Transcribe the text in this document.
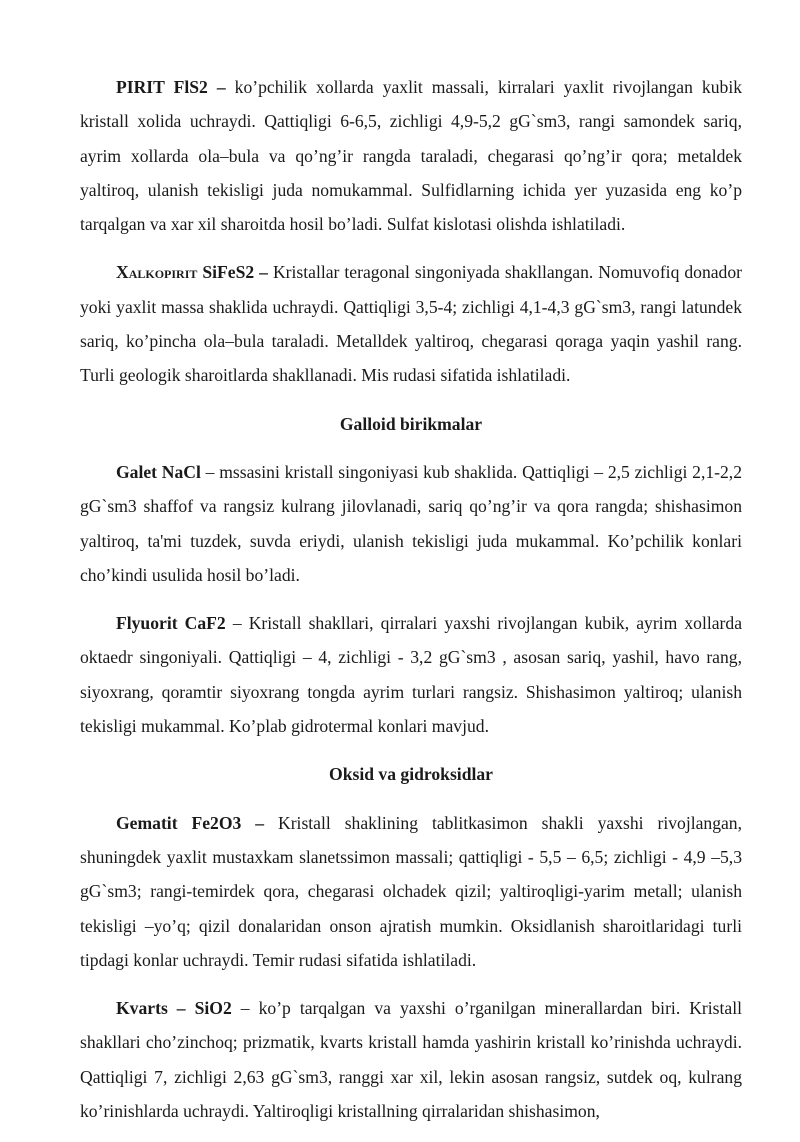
PIRIT FlS2 – ko’pchilik xollarda yaxlit massali, kirralari yaxlit rivojlangan kubik kristall xolida uchraydi. Qattiqligi 6-6,5, zichligi 4,9-5,2 gG`sm3, rangi samondek sariq, ayrim xollarda ola–bula va qo’ng’ir rangda taraladi, chegarasi qo’ng’ir qora; metaldek yaltiroq, ulanish tekisligi juda nomukammal. Sulfidlarning ichida yer yuzasida eng ko’p tarqalgan va xar xil sharoitda hosil bo’ladi. Sulfat kislotasi olishda ishlatiladi.

Xalkopirit SiFeS2 – Kristallar teragonal singoniyada shakllangan. Nomuvofiq donador yoki yaxlit massa shaklida uchraydi. Qattiqligi 3,5-4; zichligi 4,1-4,3 gG`sm3, rangi latundek sariq, ko’pincha ola–bula taraladi. Metalldek yaltiroq, chegarasi qoraga yaqin yashil rang. Turli geologik sharoitlarda shakllanadi. Mis rudasi sifatida ishlatiladi.

Galloid birikmalar

Galet NaCl – mssasini kristall singoniyasi kub shaklida. Qattiqligi – 2,5 zichligi 2,1-2,2 gG`sm3 shaffof va rangsiz kulrang jilovlanadi, sariq qo’ng’ir va qora rangda; shishasimon yaltiroq, ta'mi tuzdek, suvda eriydi, ulanish tekisligi juda mukammal. Ko’pchilik konlari cho’kindi usulida hosil bo’ladi.

Flyuorit CaF2 – Kristall shakllari, qirralari yaxshi rivojlangan kubik, ayrim xollarda oktaedr singoniyali. Qattiqligi – 4, zichligi - 3,2 gG`sm3 , asosan sariq, yashil, havo rang, siyoxrang, qoramtir siyoxrang tongda ayrim turlari rangsiz. Shishasimon yaltiroq; ulanish tekisligi mukammal. Ko’plab gidrotermal konlari mavjud.

Oksid va gidroksidlar

Gematit Fe2O3 – Kristall shaklining tablitkasimon shakli yaxshi rivojlangan, shuningdek yaxlit mustaxkam slanetssimon massali; qattiqligi - 5,5 – 6,5; zichligi - 4,9 –5,3 gG`sm3; rangi-temirdek qora, chegarasi olchadek qizil; yaltiroqligi-yarim metall; ulanish tekisligi –yo’q; qizil donalaridan onson ajratish mumkin. Oksidlanish sharoitlaridagi turli tipdagi konlar uchraydi. Temir rudasi sifatida ishlatiladi.

Kvarts – SiO2 – ko’p tarqalgan va yaxshi o’rganilgan minerallardan biri. Kristall shakllari cho’zinchoq; prizmatik, kvarts kristall hamda yashirin kristall ko’rinishda uchraydi. Qattiqligi 7, zichligi 2,63 gG`sm3, ranggi xar xil, lekin asosan rangsiz, sutdek oq, kulrang ko’rinishlarda uchraydi. Yaltiroqligi kristallning qirralaridan shishasimon,
